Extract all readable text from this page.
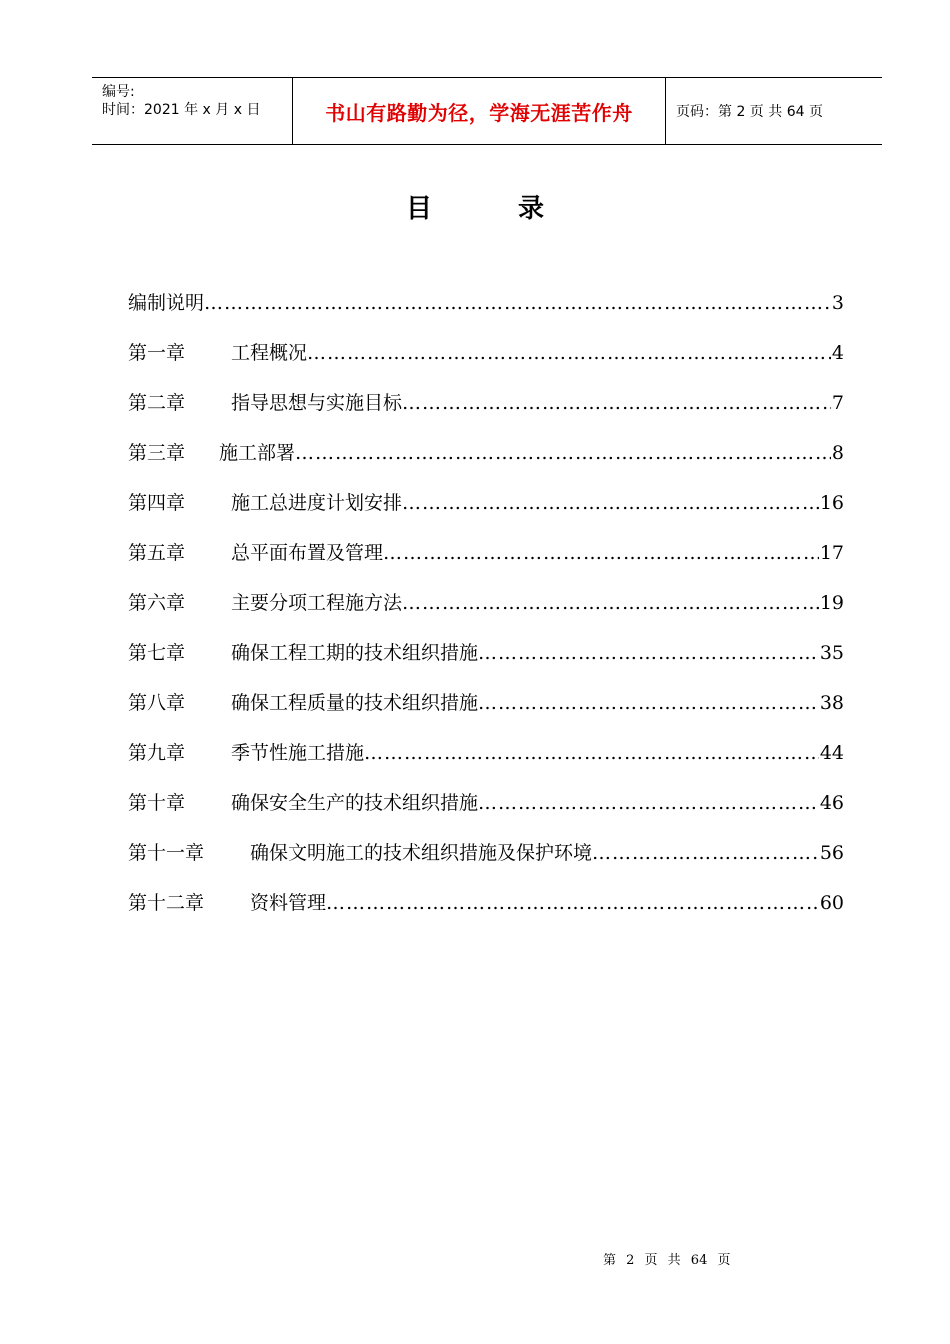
编号:
时间：2021 年 x 月 x 日	书山有路勤为径，学海无涯苦作舟	页码：第 2 页 共 64 页
目	录
编制说明 …………………………………………………………………………………………………………………………………………………………………………………………………………	3
第一章 工程概况 …………………………………………………………………………………………………………………………………………………………………………………………………………	4
第二章 指导思想与实施目标 …………………………………………………………………………………………………………………………………………………………………………………………………………	7
第三章 施工部署 …………………………………………………………………………………………………………………………………………………………………………………………………………	8
第四章 施工总进度计划安排 …………………………………………………………………………………………………………………………………………………………………………………………………………	16
第五章 总平面布置及管理 …………………………………………………………………………………………………………………………………………………………………………………………………………	17
第六章 主要分项工程施方法 …………………………………………………………………………………………………………………………………………………………………………………………………………	19
第七章 确保工程工期的技术组织措施 …………………………………………………………………………………………………………………………………………………………………………………………………………	35
第八章 确保工程质量的技术组织措施 …………………………………………………………………………………………………………………………………………………………………………………………………………	38
第九章 季节性施工措施 …………………………………………………………………………………………………………………………………………………………………………………………………………	44
第十章 确保安全生产的技术组织措施 …………………………………………………………………………………………………………………………………………………………………………………………………………	46
第十一章 确保文明施工的技术组织措施及保护环境 …………………………………………………………………………………………………………………………………………………………………………………………………………	56
第十二章 资料管理 …………………………………………………………………………………………………………………………………………………………………………………………………………	60
第 2 页 共 64 页
